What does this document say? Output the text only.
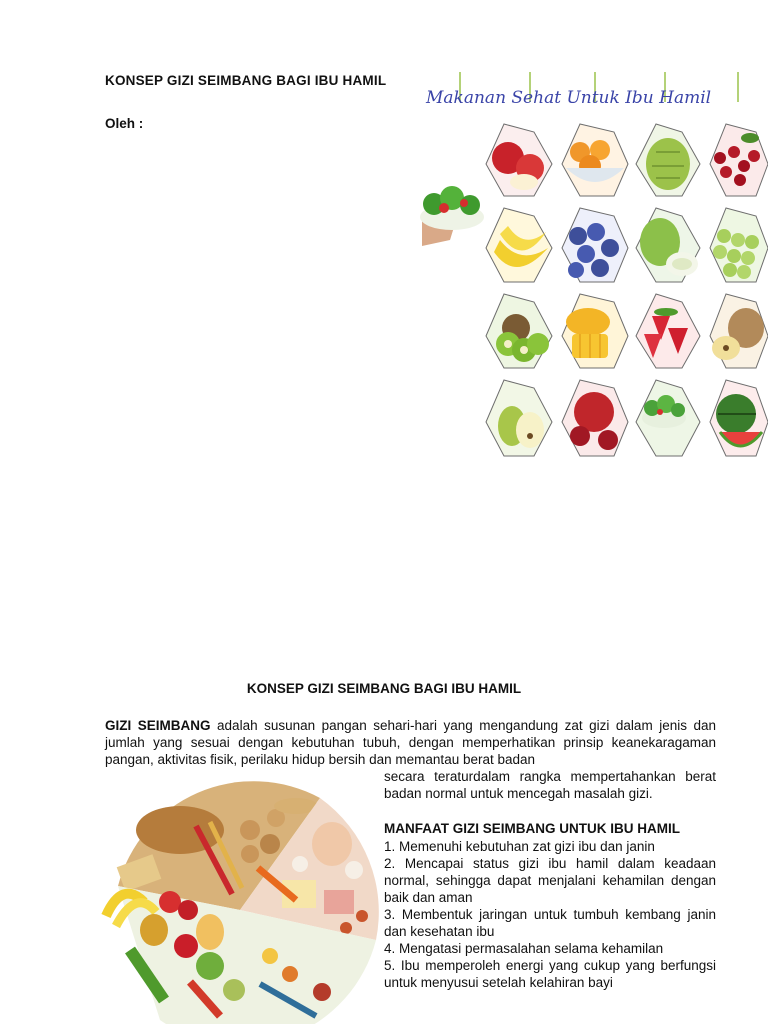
KONSEP GIZI SEIMBANG BAGI IBU HAMIL
Oleh :
Makanan Sehat Untuk Ibu Hamil
KONSEP GIZI SEIMBANG BAGI IBU HAMIL
GIZI SEIMBANG adalah susunan pangan sehari-hari yang mengandung zat gizi dalam jenis dan jumlah yang sesuai dengan kebutuhan tubuh, dengan memperhatikan prinsip keanekaragaman pangan, aktivitas fisik, perilaku hidup bersih dan memantau berat badan
secara teraturdalam rangka mempertahankan berat badan normal untuk mencegah masalah gizi.
MANFAAT GIZI SEIMBANG UNTUK IBU HAMIL
1. Memenuhi kebutuhan zat gizi ibu dan janin
2. Mencapai status gizi ibu hamil dalam keadaan normal, sehingga dapat menjalani kehamilan dengan baik dan aman
3. Membentuk jaringan untuk tumbuh kembang janin dan kesehatan ibu
4. Mengatasi permasalahan selama kehamilan
5. Ibu memperoleh energi yang cukup yang berfungsi untuk menyusui setelah kelahiran bayi
